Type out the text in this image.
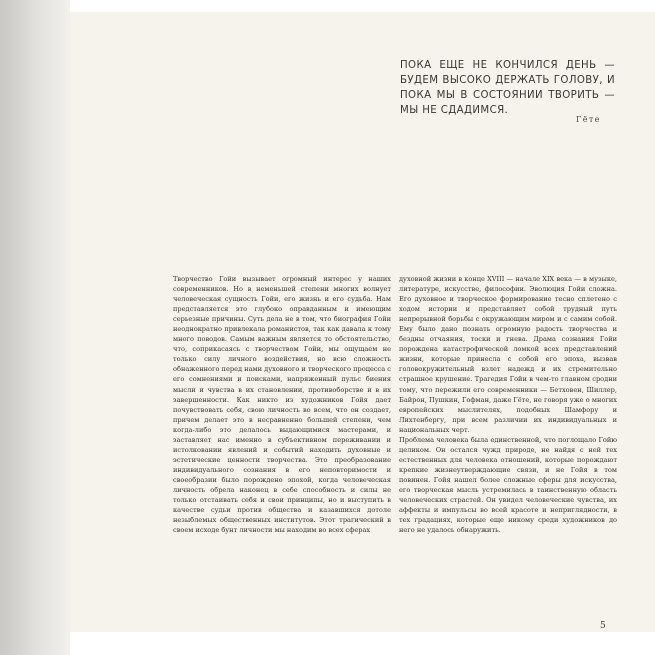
ПОКА ЕЩЕ НЕ КОНЧИЛСЯ ДЕНЬ — БУДЕМ ВЫСОКО ДЕРЖАТЬ ГОЛОВУ, И ПОКА МЫ В СОСТОЯНИИ ТВОРИТЬ — МЫ НЕ СДАДИМСЯ.
Гёте

Творчество Гойи вызывает огромный интерес у наших современников. Но в неменьшей степени многих волнует человеческая сущность Гойи, его жизнь и его судьба. Нам представляется это глубоко оправданным и имеющим серьезные причины. Суть дела не в том, что биография Гойи неоднократно привлекала романистов, так как давала к тому много поводов. Самым важным является то обстоятельство, что, соприкасаясь с творчеством Гойи, мы ощущаем не только силу личного воздействия, но всю сложность обнаженного перед нами духовного и творческого процесса с его сомнениями и поисками, напряженный пульс биения мысли и чувства в их становлении, противоборстве и в их завершенности. Как никто из художников Гойя дает почувствовать себя, свою личность во всем, что он создает, причем делает это в несравненно большей степени, чем когда-либо это делалось выдающимися мастерами, и заставляет нас именно в субъективном переживании и истолковании явлений и событий находить духовные и эстетические ценности творчества. Это преобразование индивидуального сознания в его неповторимости и своеобразии было порождено эпохой, когда человеческая личность обрела наконец в себе способность и силы не только отстаивать себя и свои принципы, но и выступить в качестве судьи против общества и казавшихся дотоле незыблемых общественных институтов. Этот трагический в своем исходе бунт личности мы находим во всех сферах

духовной жизни в конце XVIII — начале XIX века — в музыке, литературе, искусстве, философии. Эволюция Гойи сложна. Его духовное и творческое формирование тесно сплетено с ходом истории и представляет собой трудный путь непрерывной борьбы с окружающим миром и с самим собой. Ему было дано познать огромную радость творчества и бездны отчаяния, тоски и гнева. Драма сознания Гойи порождена катастрофической ломкой всех представлений жизни, которые принесла с собой его эпоха, вызвав головокружительный взлет надежд и их стремительно страшное крушение. Трагедия Гойи в чем-то главном сродни тому, что пережили его современники — Бетховен, Шиллер, Байрон, Пушкин, Гофман, даже Гёте, не говоря уже о многих европейских мыслителях, подобных Шамфору и Лихтенбергу, при всем различии их индивидуальных и национальных черт.

Проблема человека была единственной, что поглощало Гойю целиком. Он остался чужд природе, не найдя с ней тех естественных для человека отношений, которые порождают крепкие жизнеутверждающие связи, и не Гойя в том повинен. Гойя нашел более сложные сферы для искусства, его творческая мысль устремилась в таинственную область человеческих страстей. Он увидел человеческие чувства, их аффекты и импульсы во всей красоте и неприглядности, в тех градациях, которые еще никому среди художников до него не удалось обнаружить.

5
